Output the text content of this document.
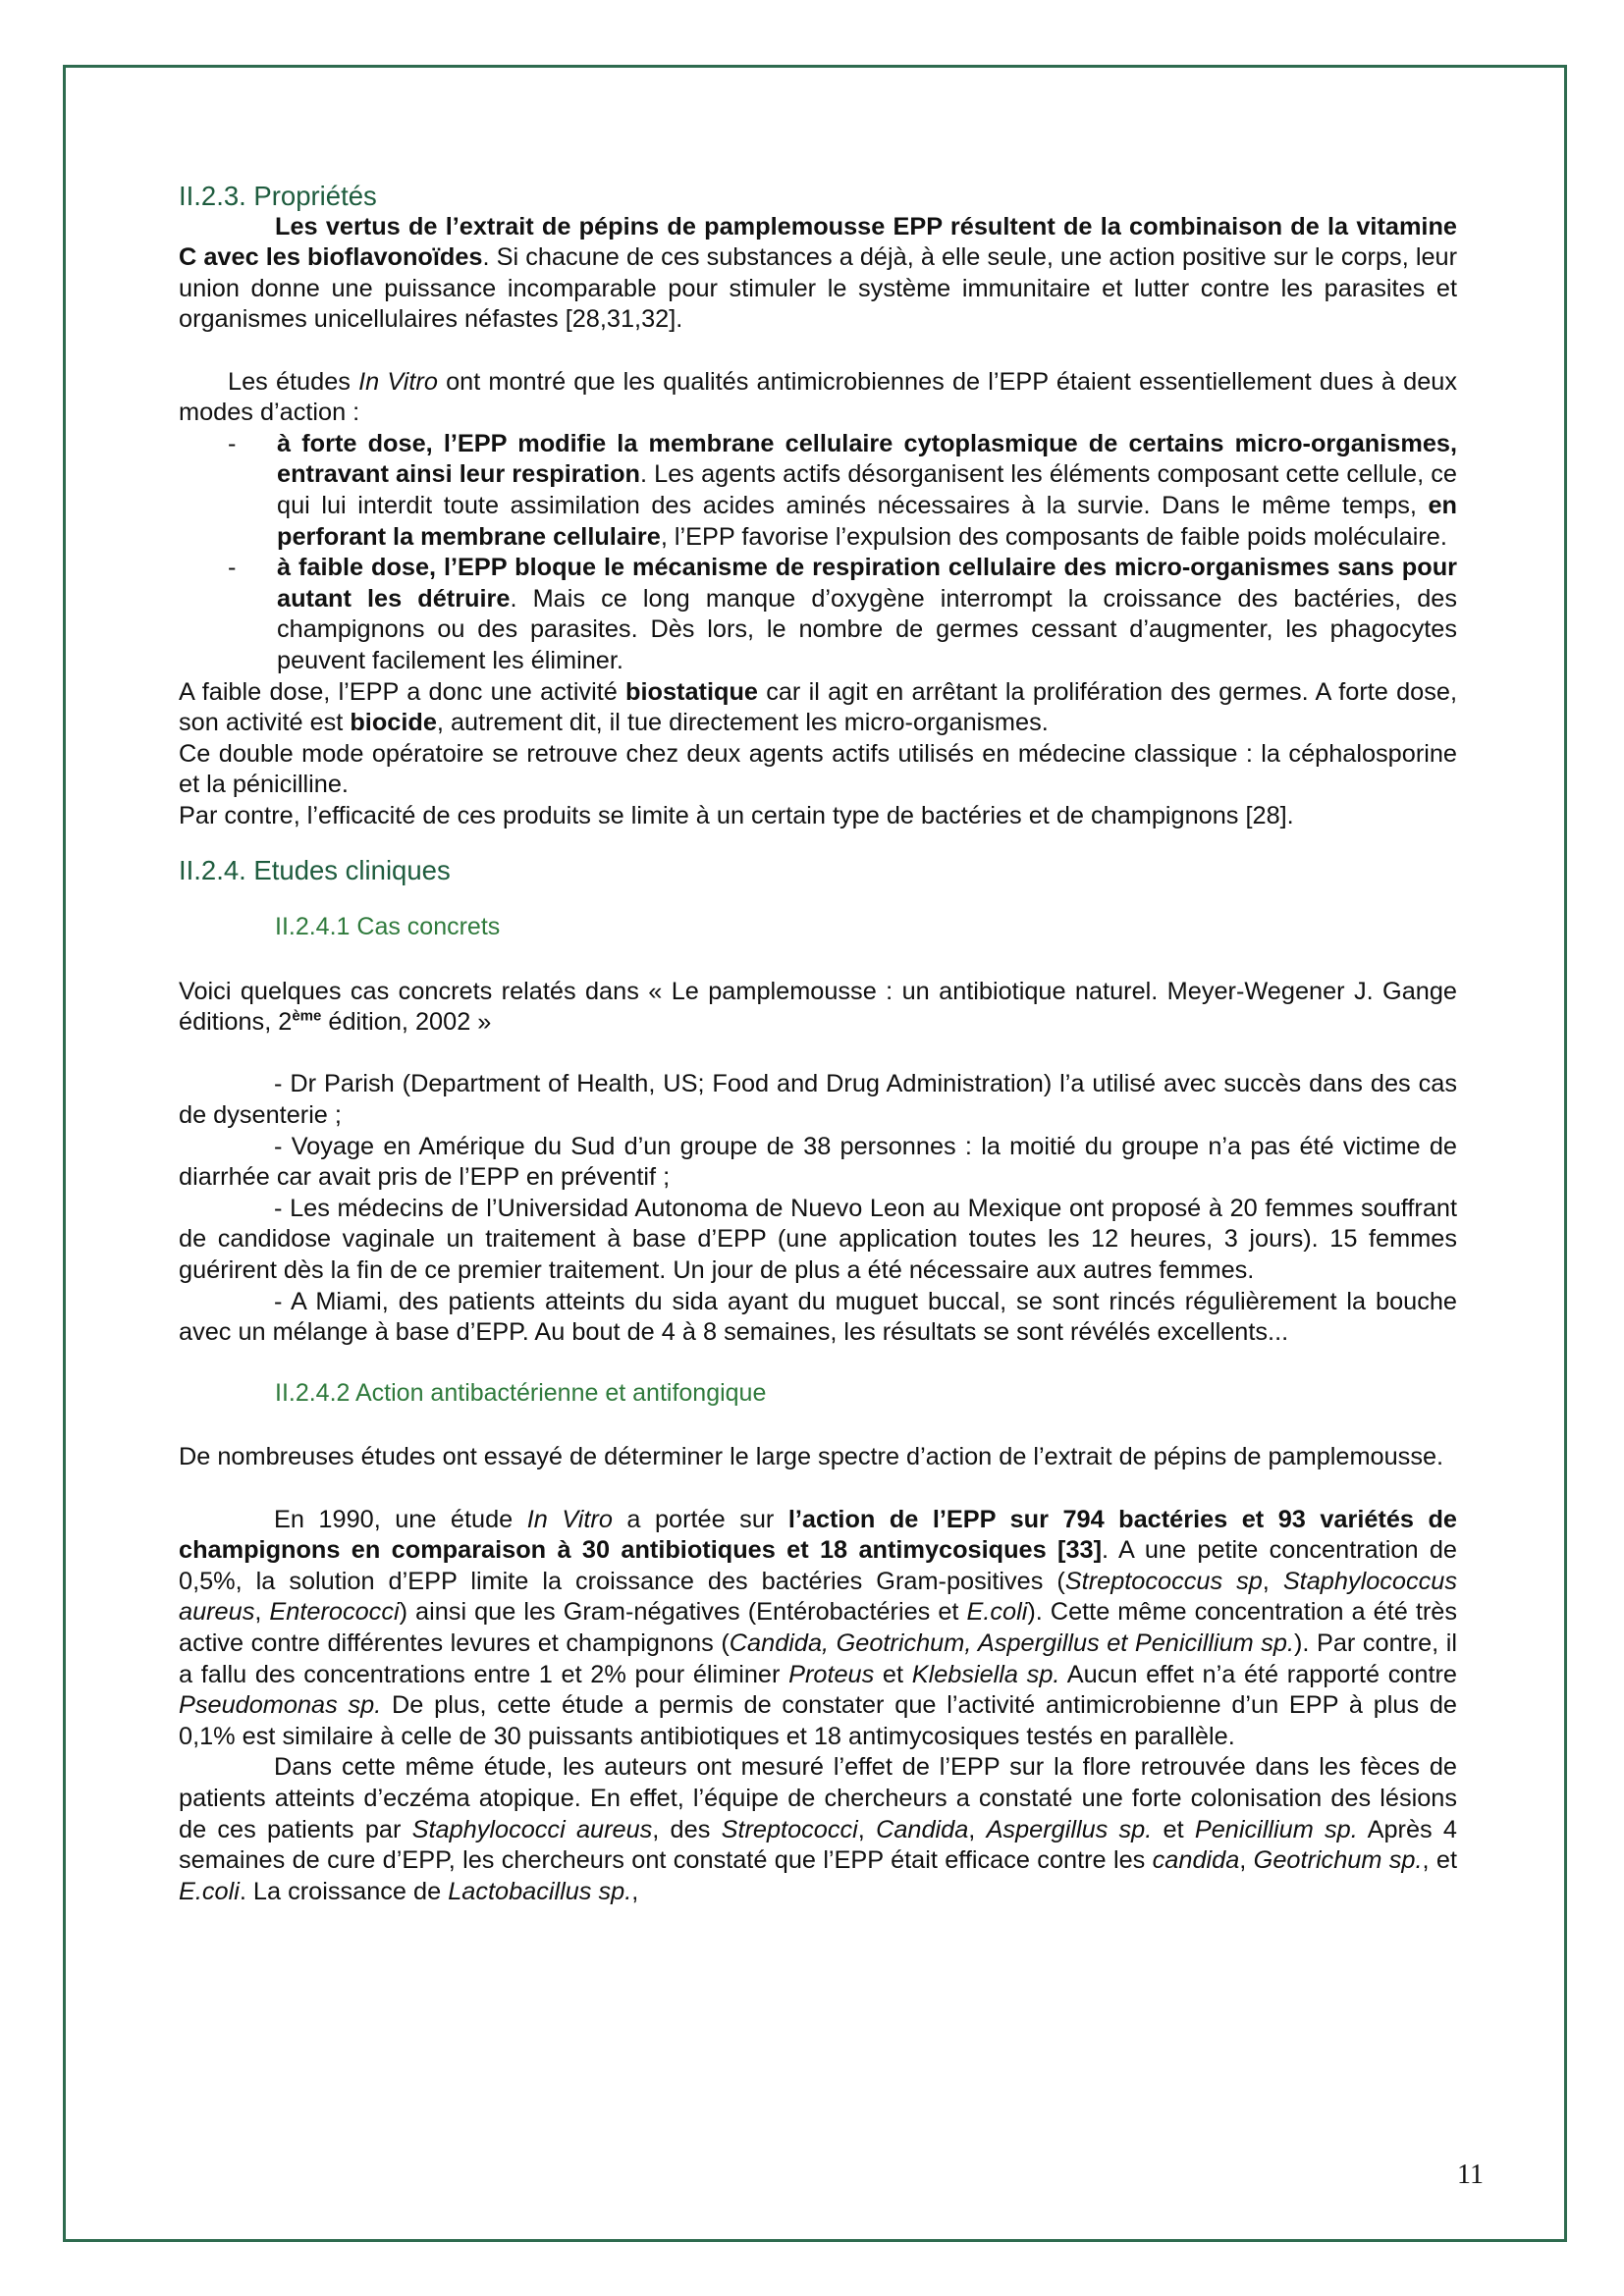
II.2.3. Propriétés

Les vertus de l’extrait de pépins de pamplemousse EPP résultent de la combinaison de la vitamine C avec les bioflavonoïdes. Si chacune de ces substances a déjà, à elle seule, une action positive sur le corps, leur union donne une puissance incomparable pour stimuler le système immunitaire et lutter contre les parasites et organismes unicellulaires néfastes [28,31,32].

Les études In Vitro ont montré que les qualités antimicrobiennes de l’EPP étaient essentiellement dues à deux modes d’action :

- à forte dose, l’EPP modifie la membrane cellulaire cytoplasmique de certains micro-organismes, entravant ainsi leur respiration. Les agents actifs désorganisent les éléments composant cette cellule, ce qui lui interdit toute assimilation des acides aminés nécessaires à la survie. Dans le même temps, en perforant la membrane cellulaire, l’EPP favorise l’expulsion des composants de faible poids moléculaire.
- à faible dose, l’EPP bloque le mécanisme de respiration cellulaire des micro-organismes sans pour autant les détruire. Mais ce long manque d’oxygène interrompt la croissance des bactéries, des champignons ou des parasites. Dès lors, le nombre de germes cessant d’augmenter, les phagocytes peuvent facilement les éliminer.

A faible dose, l’EPP a donc une activité biostatique car il agit en arrêtant la prolifération des germes. A forte dose, son activité est biocide, autrement dit, il tue directement les micro-organismes.

Ce double mode opératoire se retrouve chez deux agents actifs utilisés en médecine classique : la céphalosporine et la pénicilline.

Par contre, l’efficacité de ces produits se limite à un certain type de bactéries et de champignons [28].

II.2.4. Etudes cliniques

II.2.4.1 Cas concrets

Voici quelques cas concrets relatés dans « Le pamplemousse : un antibiotique naturel. Meyer-Wegener J. Gange éditions, 2ème édition, 2002 »

- Dr Parish (Department of Health, US; Food and Drug Administration) l’a utilisé avec succès dans des cas de dysenterie ;

- Voyage en Amérique du Sud d’un groupe de 38 personnes : la moitié du groupe n’a pas été victime de diarrhée car avait pris de l’EPP en préventif ;

- Les médecins de l’Universidad Autonoma de Nuevo Leon au Mexique ont proposé à 20 femmes souffrant de candidose vaginale un traitement à base d’EPP (une application toutes les 12 heures, 3 jours). 15 femmes guérirent dès la fin de ce premier traitement. Un jour de plus a été nécessaire aux autres femmes.

- A Miami, des patients atteints du sida ayant du muguet buccal, se sont rincés régulièrement la bouche avec un mélange à base d’EPP. Au bout de 4 à 8 semaines, les résultats se sont révélés excellents...

II.2.4.2 Action antibactérienne et antifongique

De nombreuses études ont essayé de déterminer le large spectre d’action de l’extrait de pépins de pamplemousse.

En 1990, une étude In Vitro a portée sur l’action de l’EPP sur 794 bactéries et 93 variétés de champignons en comparaison à 30 antibiotiques et 18 antimycosiques [33]. A une petite concentration de 0,5%, la solution d’EPP limite la croissance des bactéries Gram-positives (Streptococcus sp, Staphylococcus aureus, Enterococci) ainsi que les Gram-négatives (Entérobactéries et E.coli). Cette même concentration a été très active contre différentes levures et champignons (Candida, Geotrichum, Aspergillus et Penicillium sp.). Par contre, il a fallu des concentrations entre 1 et 2% pour éliminer Proteus et Klebsiella sp. Aucun effet n’a été rapporté contre Pseudomonas sp. De plus, cette étude a permis de constater que l’activité antimicrobienne d’un EPP à plus de 0,1% est similaire à celle de 30 puissants antibiotiques et 18 antimycosiques testés en parallèle.

Dans cette même étude, les auteurs ont mesuré l’effet de l’EPP sur la flore retrouvée dans les fèces de patients atteints d’eczéma atopique. En effet, l’équipe de chercheurs a constaté une forte colonisation des lésions de ces patients par Staphylococci aureus, des Streptococci, Candida, Aspergillus sp. et Penicillium sp. Après 4 semaines de cure d’EPP, les chercheurs ont constaté que l’EPP était efficace contre les candida, Geotrichum sp., et E.coli. La croissance de Lactobacillus sp.,

11
